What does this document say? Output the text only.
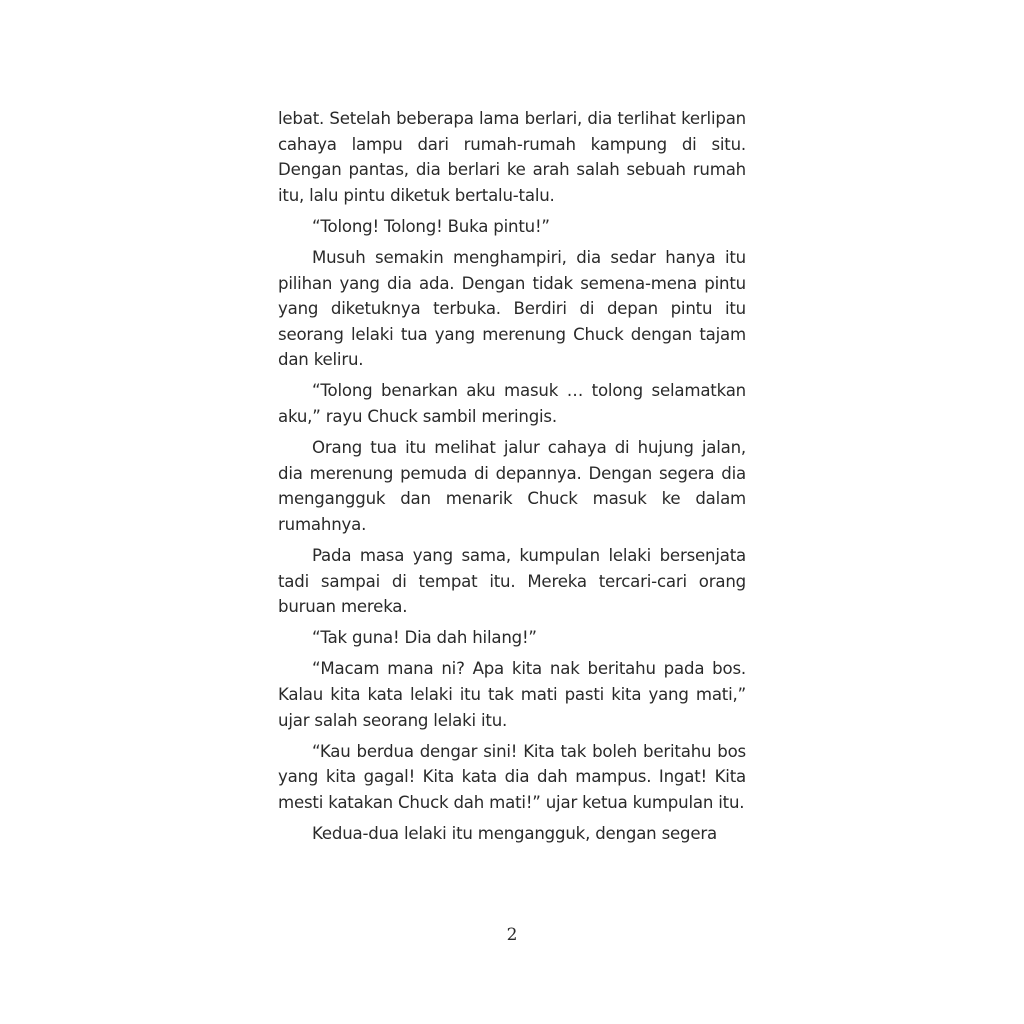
lebat. Setelah beberapa lama berlari, dia terlihat kerlipan cahaya lampu dari rumah-rumah kampung di situ. Dengan pantas, dia berlari ke arah salah sebuah rumah itu, lalu pintu diketuk bertalu-talu.

“Tolong! Tolong! Buka pintu!”

Musuh semakin menghampiri, dia sedar hanya itu pilihan yang dia ada. Dengan tidak semena-mena pintu yang diketuknya terbuka. Berdiri di depan pintu itu seorang lelaki tua yang merenung Chuck dengan tajam dan keliru.

“Tolong benarkan aku masuk … tolong selamatkan aku,” rayu Chuck sambil meringis.

Orang tua itu melihat jalur cahaya di hujung jalan, dia merenung pemuda di depannya. Dengan segera dia mengangguk dan menarik Chuck masuk ke dalam rumahnya.

Pada masa yang sama, kumpulan lelaki bersenjata tadi sampai di tempat itu. Mereka tercari-cari orang buruan mereka.

“Tak guna! Dia dah hilang!”

“Macam mana ni? Apa kita nak beritahu pada bos. Kalau kita kata lelaki itu tak mati pasti kita yang mati,” ujar salah seorang lelaki itu.

“Kau berdua dengar sini! Kita tak boleh beritahu bos yang kita gagal! Kita kata dia dah mampus. Ingat! Kita mesti katakan Chuck dah mati!” ujar ketua kumpulan itu.

Kedua-dua lelaki itu mengangguk, dengan segera

2
